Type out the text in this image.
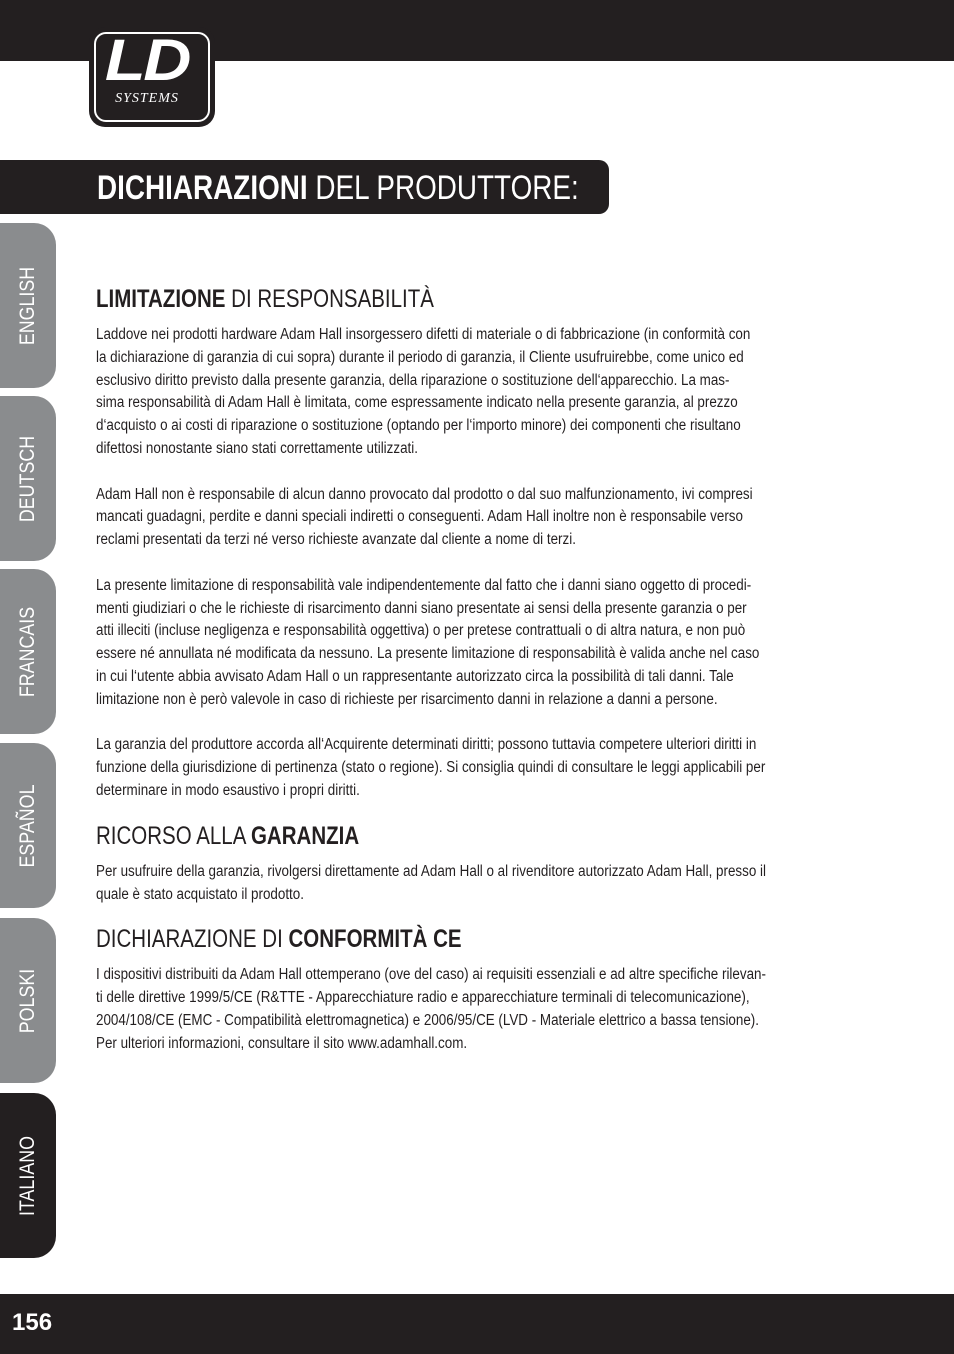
LD
SYSTEMS
DICHIARAZIONI DEL PRODUTTORE:
ENGLISH
DEUTSCH
FRANCAIS
ESPAÑOL
POLSKI
ITALIANO
LIMITAZIONE DI RESPONSABILITÀ
Laddove nei prodotti hardware Adam Hall insorgessero difetti di materiale o di fabbricazione (in conformità con
la dichiarazione di garanzia di cui sopra) durante il periodo di garanzia, il Cliente usufruirebbe, come unico ed
esclusivo diritto previsto dalla presente garanzia, della riparazione o sostituzione dell‘apparecchio. La mas-
sima responsabilità di Adam Hall è limitata, come espressamente indicato nella presente garanzia, al prezzo
d‘acquisto o ai costi di riparazione o sostituzione (optando per l‘importo minore) dei componenti che risultano
difettosi nonostante siano stati correttamente utilizzati.
Adam Hall non è responsabile di alcun danno provocato dal prodotto o dal suo malfunzionamento, ivi compresi
mancati guadagni, perdite e danni speciali indiretti o conseguenti. Adam Hall inoltre non è responsabile verso
reclami presentati da terzi né verso richieste avanzate dal cliente a nome di terzi.
La presente limitazione di responsabilità vale indipendentemente dal fatto che i danni siano oggetto di procedi-
menti giudiziari o che le richieste di risarcimento danni siano presentate ai sensi della presente garanzia o per
atti illeciti (incluse negligenza e responsabilità oggettiva) o per pretese contrattuali o di altra natura, e non può
essere né annullata né modificata da nessuno. La presente limitazione di responsabilità è valida anche nel caso
in cui l‘utente abbia avvisato Adam Hall o un rappresentante autorizzato circa la possibilità di tali danni. Tale
limitazione non è però valevole in caso di richieste per risarcimento danni in relazione a danni a persone.
La garanzia del produttore accorda all‘Acquirente determinati diritti; possono tuttavia competere ulteriori diritti in
funzione della giurisdizione di pertinenza (stato o regione). Si consiglia quindi di consultare le leggi applicabili per
determinare in modo esaustivo i propri diritti.
RICORSO ALLA GARANZIA
Per usufruire della garanzia, rivolgersi direttamente ad Adam Hall o al rivenditore autorizzato Adam Hall, presso il
quale è stato acquistato il prodotto.
DICHIARAZIONE DI CONFORMITÀ CE
I dispositivi distribuiti da Adam Hall ottemperano (ove del caso) ai requisiti essenziali e ad altre specifiche rilevan-
ti delle direttive 1999/5/CE (R&TTE - Apparecchiature radio e apparecchiature terminali di telecomunicazione),
2004/108/CE (EMC - Compatibilità elettromagnetica) e 2006/95/CE (LVD - Materiale elettrico a bassa tensione).
Per ulteriori informazioni, consultare il sito www.adamhall.com.
156
